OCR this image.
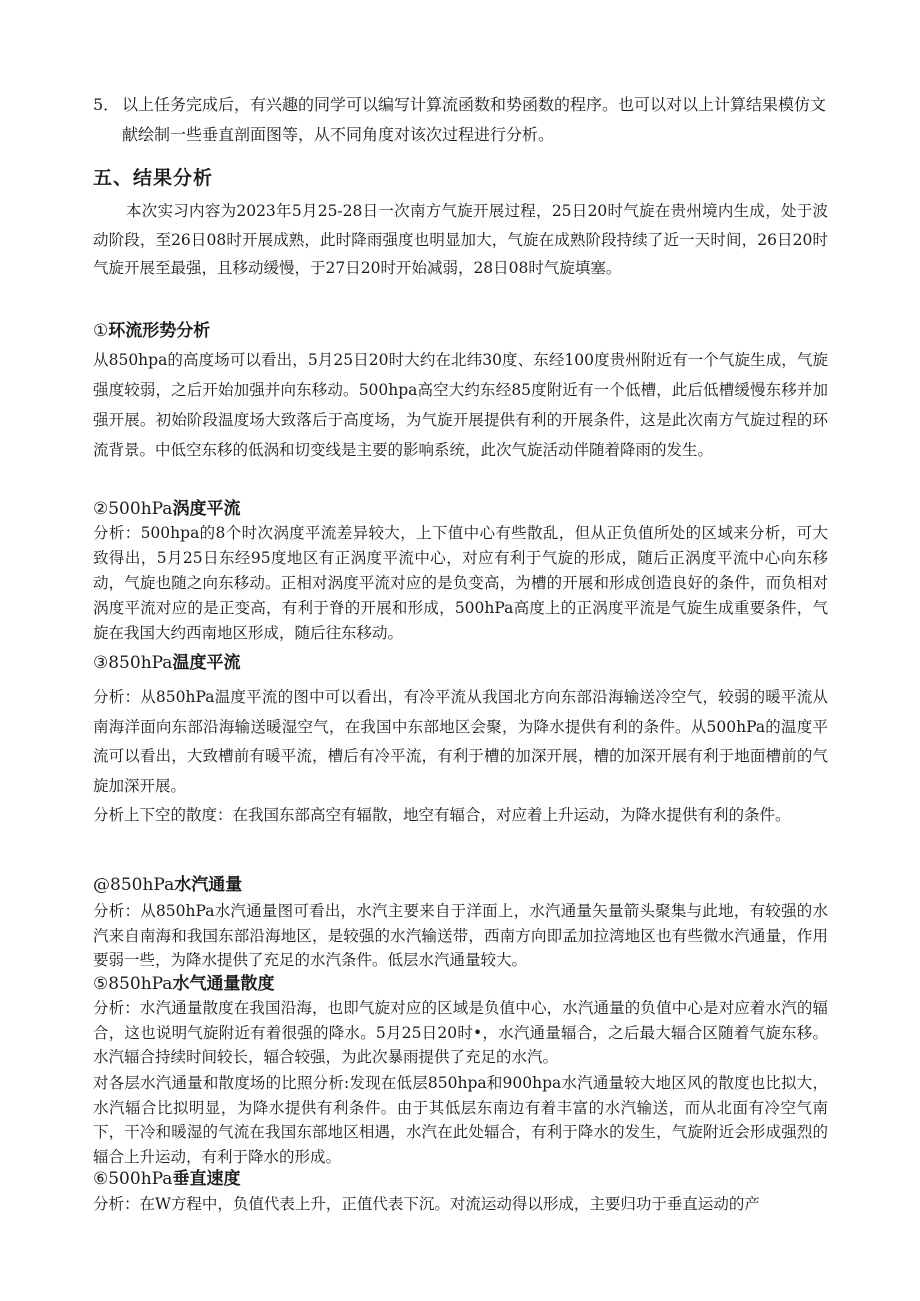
5． 以上任务完成后，有兴趣的同学可以编写计算流函数和势函数的程序。也可以对以上计算结果模仿文献绘制一些垂直剖面图等，从不同角度对该次过程进行分析。
五、结果分析
本次实习内容为2023年5月25-28日一次南方气旋开展过程，25日20时气旋在贵州境内生成，处于波动阶段，至26日08时开展成熟，此时降雨强度也明显加大，气旋在成熟阶段持续了近一天时间，26日20时气旋开展至最强，且移动缓慢，于27日20时开始减弱，28日08时气旋填塞。
①环流形势分析
从850hpa的高度场可以看出，5月25日20时大约在北纬30度、东经100度贵州附近有一个气旋生成，气旋强度较弱，之后开始加强并向东移动。500hpa高空大约东经85度附近有一个低槽，此后低槽缓慢东移并加强开展。初始阶段温度场大致落后于高度场，为气旋开展提供有利的开展条件，这是此次南方气旋过程的环流背景。中低空东移的低涡和切变线是主要的影响系统，此次气旋活动伴随着降雨的发生。
②500hPa涡度平流
分析：500hpa的8个时次涡度平流差异较大，上下值中心有些散乱，但从正负值所处的区域来分析，可大致得出，5月25日东经95度地区有正涡度平流中心，对应有利于气旋的形成，随后正涡度平流中心向东移动，气旋也随之向东移动。正相对涡度平流对应的是负变高，为槽的开展和形成创造良好的条件，而负相对涡度平流对应的是正变高，有利于脊的开展和形成，500hPa高度上的正涡度平流是气旋生成重要条件，气旋在我国大约西南地区形成，随后往东移动。
③850hPa温度平流
分析：从850hPa温度平流的图中可以看出，有冷平流从我国北方向东部沿海输送冷空气，较弱的暖平流从南海洋面向东部沿海输送暖湿空气，在我国中东部地区会聚，为降水提供有利的条件。从500hPa的温度平流可以看出，大致槽前有暖平流，槽后有冷平流，有利于槽的加深开展，槽的加深开展有利于地面槽前的气旋加深开展。
分析上下空的散度：在我国东部高空有辐散，地空有辐合，对应着上升运动，为降水提供有利的条件。
@850hPa水汽通量
分析：从850hPa水汽通量图可看出，水汽主要来自于洋面上，水汽通量矢量箭头聚集与此地，有较强的水汽来自南海和我国东部沿海地区，是较强的水汽输送带，西南方向即孟加拉湾地区也有些微水汽通量，作用要弱一些，为降水提供了充足的水汽条件。低层水汽通量较大。
⑤850hPa水气通量散度
分析：水汽通量散度在我国沿海，也即气旋对应的区域是负值中心，水汽通量的负值中心是对应着水汽的辐合，这也说明气旋附近有着很强的降水。5月25日20时•，水汽通量辐合，之后最大辐合区随着气旋东移。水汽辐合持续时间较长，辐合较强，为此次暴雨提供了充足的水汽。
对各层水汽通量和散度场的比照分析:发现在低层850hpa和900hpa水汽通量较大地区风的散度也比拟大，水汽辐合比拟明显，为降水提供有利条件。由于其低层东南边有着丰富的水汽输送，而从北面有冷空气南下，干冷和暖湿的气流在我国东部地区相遇，水汽在此处辐合，有利于降水的发生，气旋附近会形成强烈的辐合上升运动，有利于降水的形成。
⑥500hPa垂直速度
分析：在W方程中，负值代表上升，正值代表下沉。对流运动得以形成，主要归功于垂直运动的产
